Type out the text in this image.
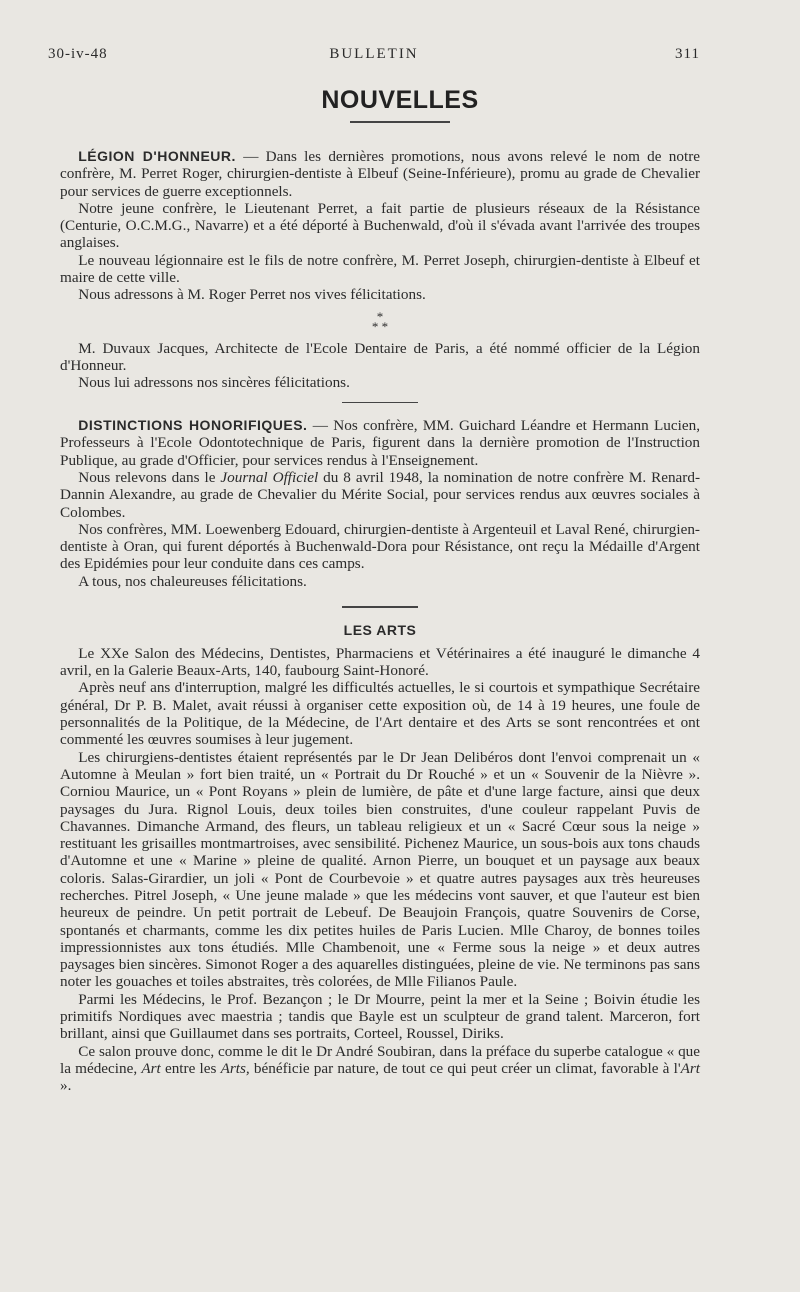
30-iv-48	BULLETIN	311
NOUVELLES

LÉGION D'HONNEUR. — Dans les dernières promotions, nous avons relevé le nom de notre confrère, M. Perret Roger, chirurgien-dentiste à Elbeuf (Seine-Inférieure), promu au grade de Chevalier pour services de guerre exceptionnels.

Notre jeune confrère, le Lieutenant Perret, a fait partie de plusieurs réseaux de la Résistance (Centurie, O.C.M.G., Navarre) et a été déporté à Buchenwald, d'où il s'évada avant l'arrivée des troupes anglaises.

Le nouveau légionnaire est le fils de notre confrère, M. Perret Joseph, chirurgien-dentiste à Elbeuf et maire de cette ville.

Nous adressons à M. Roger Perret nos vives félicitations.

*
* *

M. Duvaux Jacques, Architecte de l'Ecole Dentaire de Paris, a été nommé officier de la Légion d'Honneur.

Nous lui adressons nos sincères félicitations.

DISTINCTIONS HONORIFIQUES. — Nos confrère, MM. Guichard Léandre et Hermann Lucien, Professeurs à l'Ecole Odontotechnique de Paris, figurent dans la dernière promotion de l'Instruction Publique, au grade d'Officier, pour services rendus à l'Enseignement.

Nous relevons dans le Journal Officiel du 8 avril 1948, la nomination de notre confrère M. Renard-Dannin Alexandre, au grade de Chevalier du Mérite Social, pour services rendus aux œuvres sociales à Colombes.

Nos confrères, MM. Loewenberg Edouard, chirurgien-dentiste à Argenteuil et Laval René, chirurgien-dentiste à Oran, qui furent déportés à Buchenwald-Dora pour Résistance, ont reçu la Médaille d'Argent des Epidémies pour leur conduite dans ces camps.

A tous, nos chaleureuses félicitations.

LES ARTS

Le XXe Salon des Médecins, Dentistes, Pharmaciens et Vétérinaires a été inauguré le dimanche 4 avril, en la Galerie Beaux-Arts, 140, faubourg Saint-Honoré.

Après neuf ans d'interruption, malgré les difficultés actuelles, le si courtois et sympathique Secrétaire général, Dr P. B. Malet, avait réussi à organiser cette exposition où, de 14 à 19 heures, une foule de personnalités de la Politique, de la Médecine, de l'Art dentaire et des Arts se sont rencontrées et ont commenté les œuvres soumises à leur jugement.

Les chirurgiens-dentistes étaient représentés par le Dr Jean Delibéros dont l'envoi comprenait un « Automne à Meulan » fort bien traité, un « Portrait du Dr Rouché » et un « Souvenir de la Nièvre ». Corniou Maurice, un « Pont Royans » plein de lumière, de pâte et d'une large facture, ainsi que deux paysages du Jura. Rignol Louis, deux toiles bien construites, d'une couleur rappelant Puvis de Chavannes. Dimanche Armand, des fleurs, un tableau religieux et un « Sacré Cœur sous la neige » restituant les grisailles montmartroises, avec sensibilité. Pichenez Maurice, un sous-bois aux tons chauds d'Automne et une « Marine » pleine de qualité. Arnon Pierre, un bouquet et un paysage aux beaux coloris. Salas-Girardier, un joli « Pont de Courbevoie » et quatre autres paysages aux très heureuses recherches. Pitrel Joseph, « Une jeune malade » que les médecins vont sauver, et que l'auteur est bien heureux de peindre. Un petit portrait de Lebeuf. De Beaujoin François, quatre Souvenirs de Corse, spontanés et charmants, comme les dix petites huiles de Paris Lucien. Mlle Charoy, de bonnes toiles impressionnistes aux tons étudiés. Mlle Chambenoit, une « Ferme sous la neige » et deux autres paysages bien sincères. Simonot Roger a des aquarelles distinguées, pleine de vie. Ne terminons pas sans noter les gouaches et toiles abstraites, très colorées, de Mlle Filianos Paule.

Parmi les Médecins, le Prof. Bezançon ; le Dr Mourre, peint la mer et la Seine ; Boivin étudie les primitifs Nordiques avec maestria ; tandis que Bayle est un sculpteur de grand talent. Marceron, fort brillant, ainsi que Guillaumet dans ses portraits, Corteel, Roussel, Diriks.

Ce salon prouve donc, comme le dit le Dr André Soubiran, dans la préface du superbe catalogue « que la médecine, Art entre les Arts, bénéficie par nature, de tout ce qui peut créer un climat, favorable à l'Art ».
